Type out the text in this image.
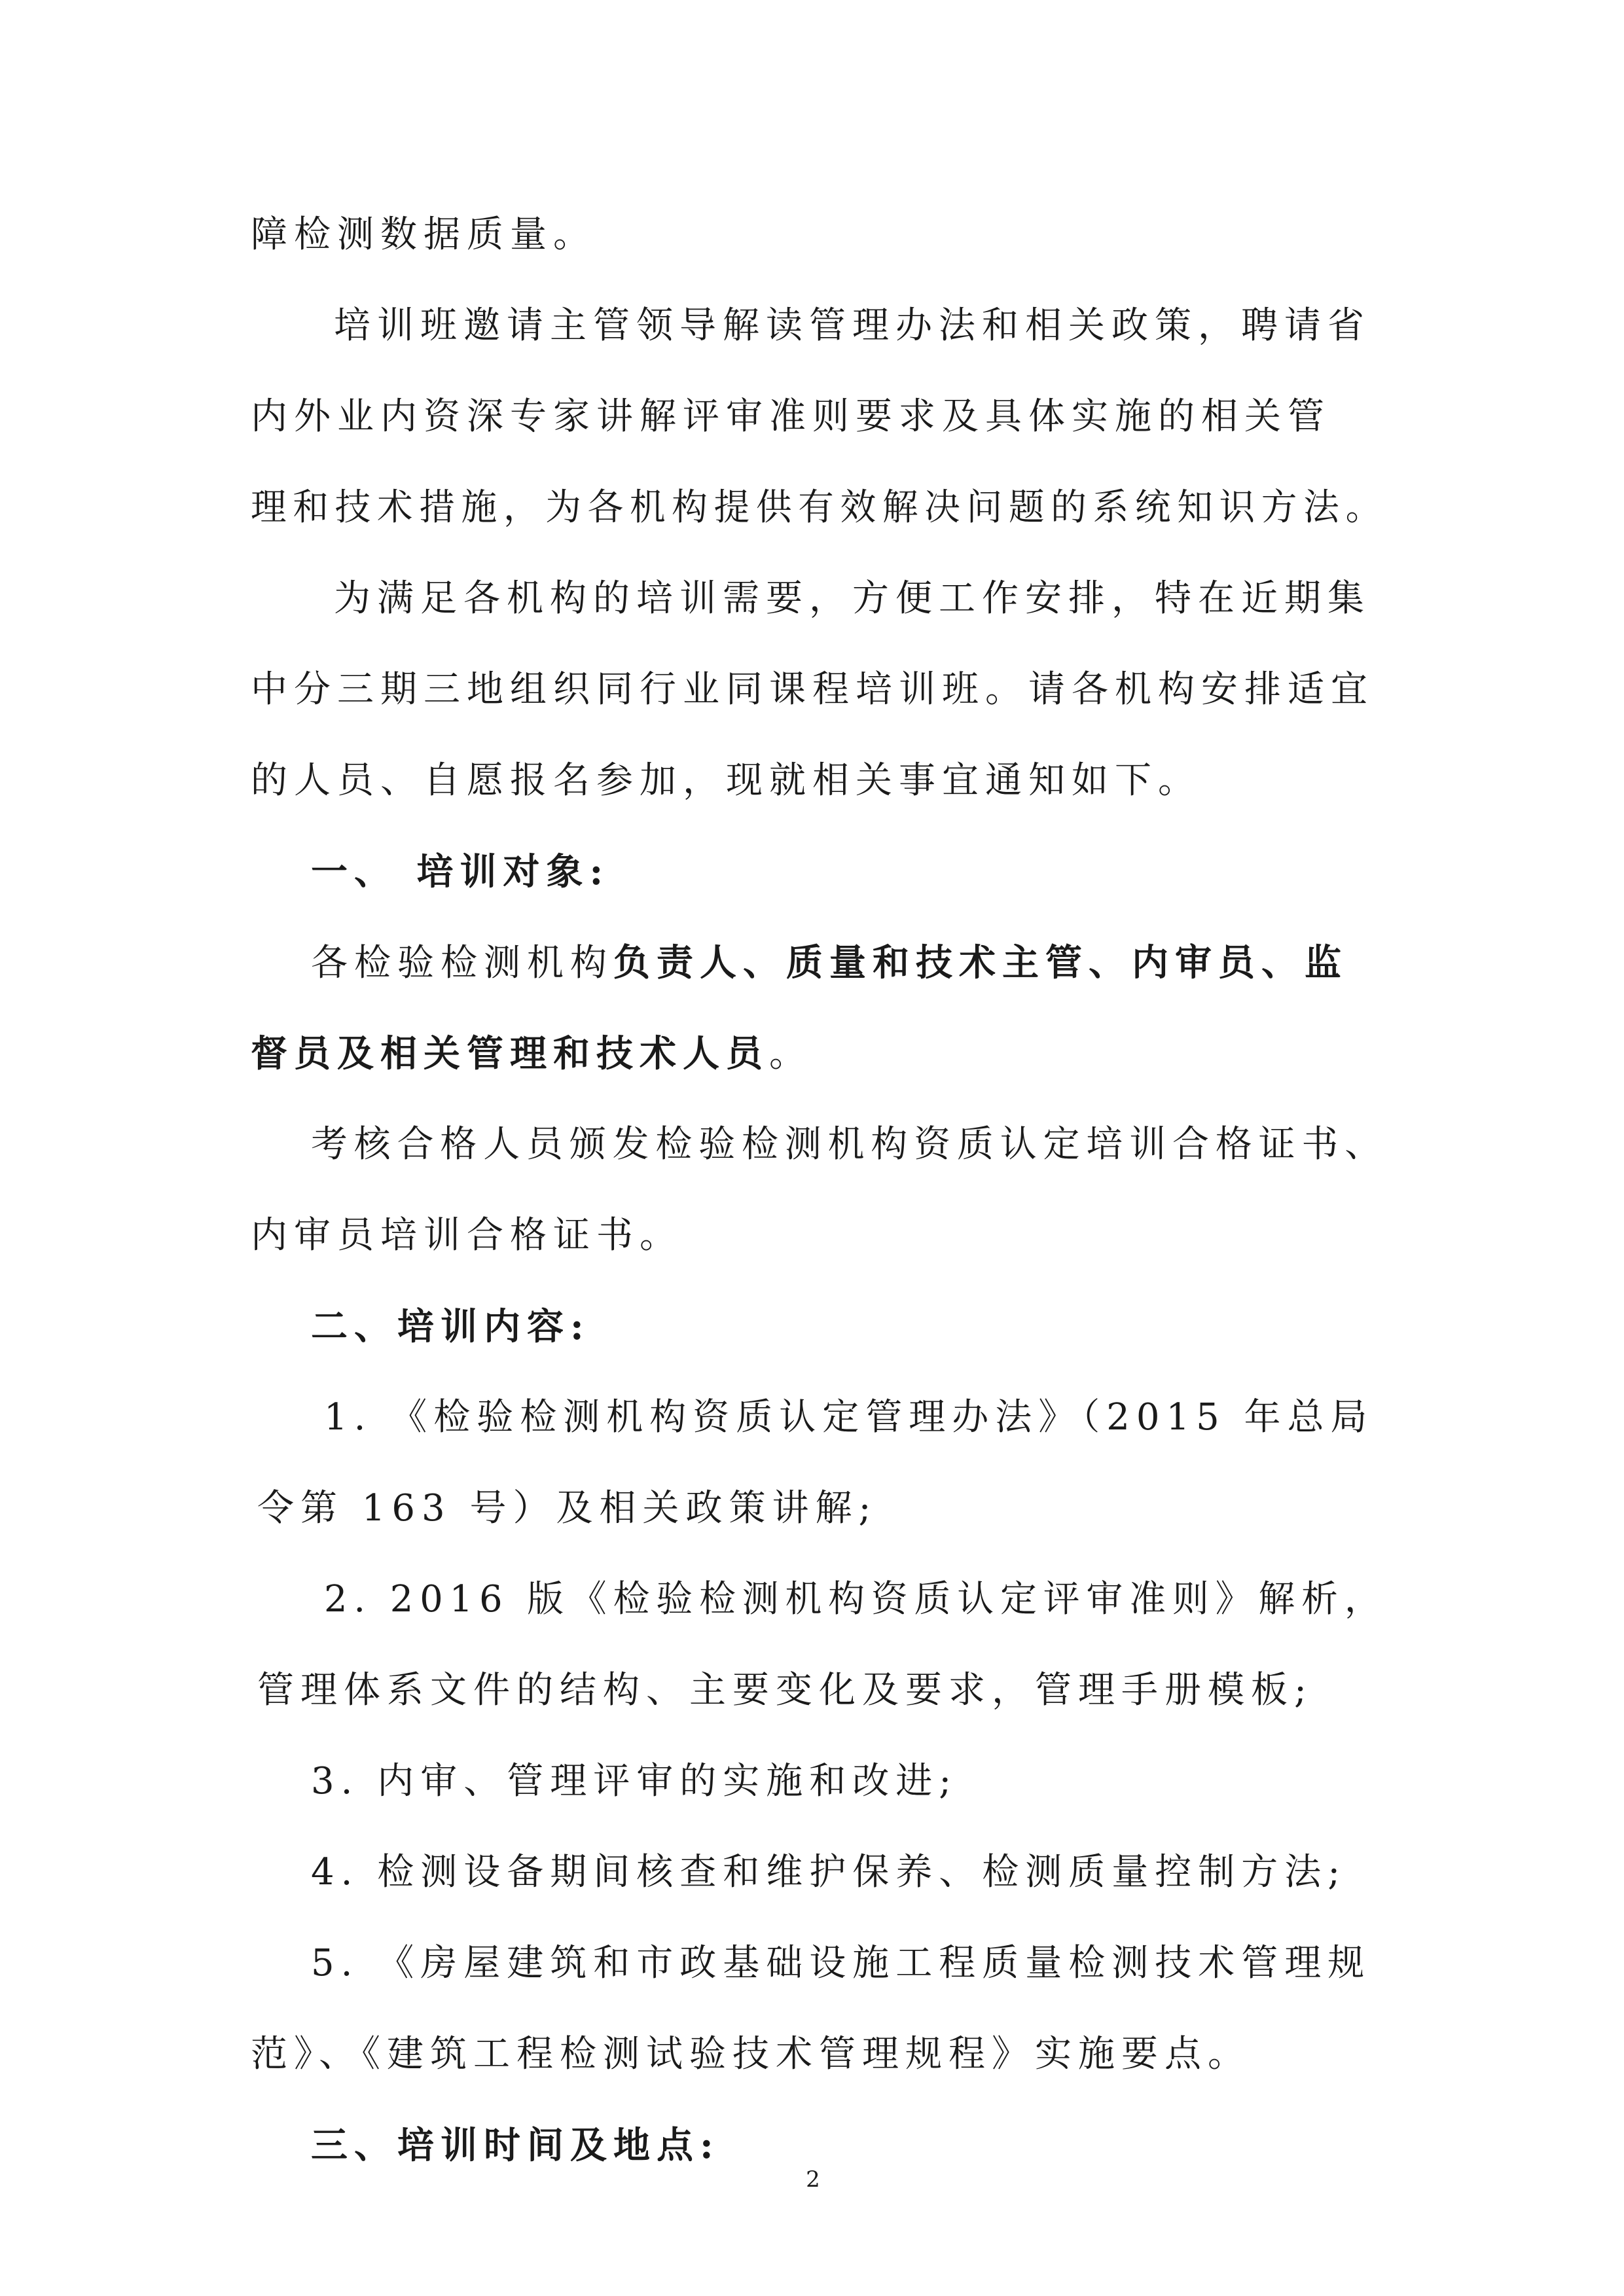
障检测数据质量。
培训班邀请主管领导解读管理办法和相关政策，聘请省
内外业内资深专家讲解评审准则要求及具体实施的相关管
理和技术措施，为各机构提供有效解决问题的系统知识方法。
为满足各机构的培训需要，方便工作安排，特在近期集
中分三期三地组织同行业同课程培训班。请各机构安排适宜
的人员、自愿报名参加，现就相关事宜通知如下。
一、 培训对象:
各检验检测机构负责人、质量和技术主管、内审员、监
督员及相关管理和技术人员。
考核合格人员颁发检验检测机构资质认定培训合格证书、
内审员培训合格证书。
二、培训内容:
1. 《检验检测机构资质认定管理办法》（2015 年总局
令第 163 号）及相关政策讲解;
2. 2016 版《检验检测机构资质认定评审准则》解析，
管理体系文件的结构、主要变化及要求，管理手册模板;
3. 内审、管理评审的实施和改进;
4. 检测设备期间核查和维护保养、检测质量控制方法;
5. 《房屋建筑和市政基础设施工程质量检测技术管理规
范》、《建筑工程检测试验技术管理规程》实施要点。
三、培训时间及地点:
2
